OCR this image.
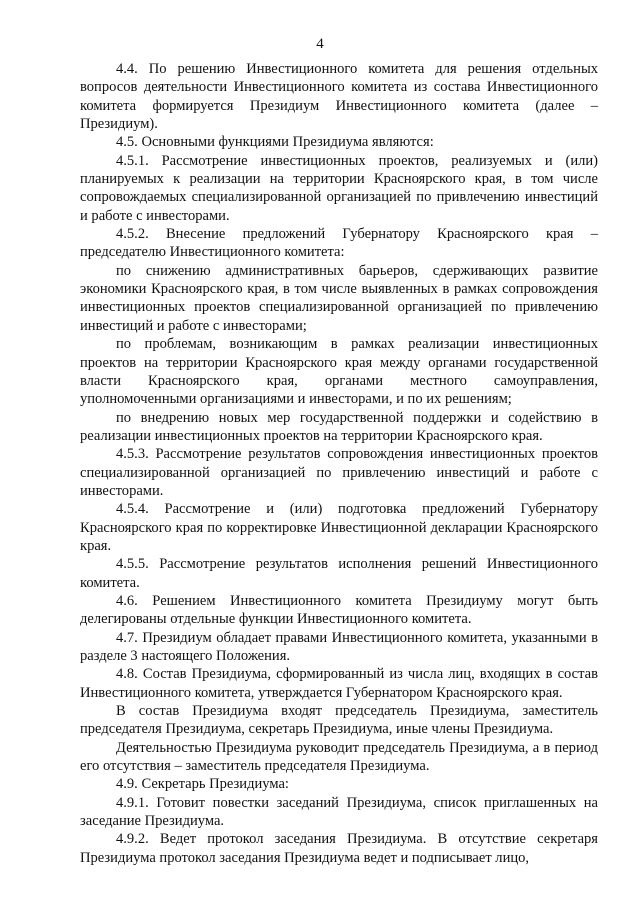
4

4.4. По решению Инвестиционного комитета для решения отдельных вопросов деятельности Инвестиционного комитета из состава Инвестиционного комитета формируется Президиум Инвестиционного комитета (далее – Президиум).

4.5. Основными функциями Президиума являются:

4.5.1. Рассмотрение инвестиционных проектов, реализуемых и (или) планируемых к реализации на территории Красноярского края, в том числе сопровождаемых специализированной организацией по привлечению инвестиций и работе с инвесторами.

4.5.2. Внесение предложений Губернатору Красноярского края – председателю Инвестиционного комитета:

по снижению административных барьеров, сдерживающих развитие экономики Красноярского края, в том числе выявленных в рамках сопровождения инвестиционных проектов специализированной организацией по привлечению инвестиций и работе с инвесторами;

по проблемам, возникающим в рамках реализации инвестиционных проектов на территории Красноярского края между органами государственной власти Красноярского края, органами местного самоуправления, уполномоченными организациями и инвесторами, и по их решениям;

по внедрению новых мер государственной поддержки и содействию в реализации инвестиционных проектов на территории Красноярского края.

4.5.3. Рассмотрение результатов сопровождения инвестиционных проектов специализированной организацией по привлечению инвестиций и работе с инвесторами.

4.5.4. Рассмотрение и (или) подготовка предложений Губернатору Красноярского края по корректировке Инвестиционной декларации Красноярского края.

4.5.5. Рассмотрение результатов исполнения решений Инвестиционного комитета.

4.6. Решением Инвестиционного комитета Президиуму могут быть делегированы отдельные функции Инвестиционного комитета.

4.7. Президиум обладает правами Инвестиционного комитета, указанными в разделе 3 настоящего Положения.

4.8. Состав Президиума, сформированный из числа лиц, входящих в состав Инвестиционного комитета, утверждается Губернатором Красноярского края.

В состав Президиума входят председатель Президиума, заместитель председателя Президиума, секретарь Президиума, иные члены Президиума.

Деятельностью Президиума руководит председатель Президиума, а в период его отсутствия – заместитель председателя Президиума.

4.9. Секретарь Президиума:

4.9.1. Готовит повестки заседаний Президиума, список приглашенных на заседание Президиума.

4.9.2. Ведет протокол заседания Президиума. В отсутствие секретаря Президиума протокол заседания Президиума ведет и подписывает лицо,
